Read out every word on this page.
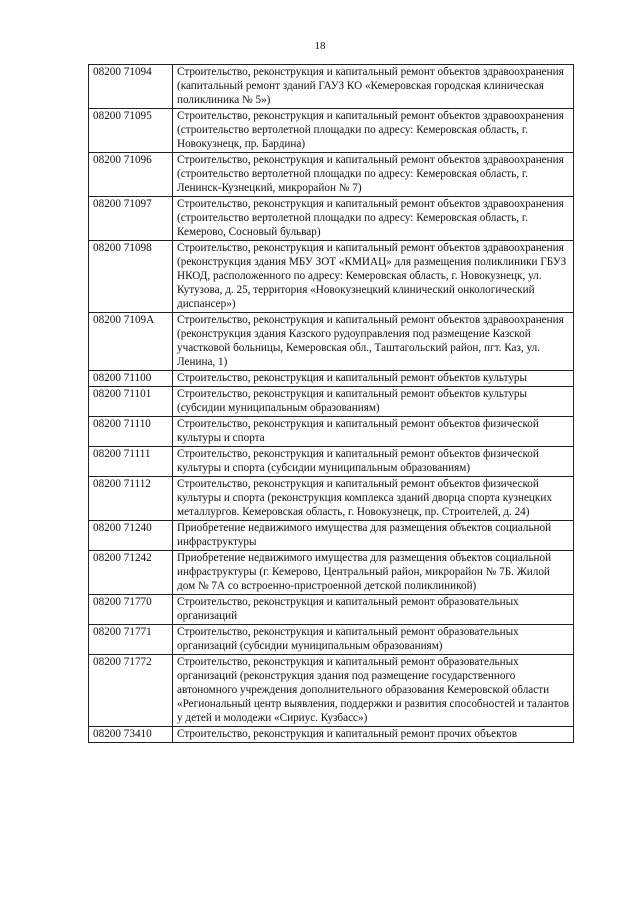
18
08200 71094	Строительство, реконструкция и капитальный ремонт объектов здравоохранения (капитальный ремонт зданий ГАУЗ КО «Кемеровская городская клиническая поликлиника № 5»)
08200 71095	Строительство, реконструкция и капитальный ремонт объектов здравоохранения (строительство вертолетной площадки по адресу: Кемеровская область, г. Новокузнецк, пр. Бардина)
08200 71096	Строительство, реконструкция и капитальный ремонт объектов здравоохранения (строительство вертолетной площадки по адресу: Кемеровская область, г. Ленинск-Кузнецкий, микрорайон № 7)
08200 71097	Строительство, реконструкция и капитальный ремонт объектов здравоохранения (строительство вертолетной площадки по адресу: Кемеровская область, г. Кемерово, Сосновый бульвар)
08200 71098	Строительство, реконструкция и капитальный ремонт объектов здравоохранения (реконструкция здания МБУ ЗОТ «КМИАЦ» для размещения поликлиники ГБУЗ НКОД, расположенного по адресу: Кемеровская область, г. Новокузнецк, ул. Кутузова, д. 25, территория «Новокузнецкий клинический онкологический диспансер»)
08200 7109А	Строительство, реконструкция и капитальный ремонт объектов здравоохранения (реконструкция здания Казского рудоуправления под размещение Казской участковой больницы, Кемеровская обл., Таштагольский район, пгт. Каз, ул. Ленина, 1)
08200 71100	Строительство, реконструкция и капитальный ремонт объектов культуры
08200 71101	Строительство, реконструкция и капитальный ремонт объектов культуры (субсидии муниципальным образованиям)
08200 71110	Строительство, реконструкция и капитальный ремонт объектов физической культуры и спорта
08200 71111	Строительство, реконструкция и капитальный ремонт объектов физической культуры и спорта (субсидии муниципальным образованиям)
08200 71112	Строительство, реконструкция и капитальный ремонт объектов физической культуры и спорта (реконструкция комплекса зданий дворца спорта кузнецких металлургов. Кемеровская область, г. Новокузнецк, пр. Строителей, д. 24)
08200 71240	Приобретение недвижимого имущества для размещения объектов социальной инфраструктуры
08200 71242	Приобретение недвижимого имущества для размещения объектов социальной инфраструктуры (г. Кемерово, Центральный район, микрорайон № 7Б. Жилой дом № 7А со встроенно-пристроенной детской поликлиникой)
08200 71770	Строительство, реконструкция и капитальный ремонт образовательных организаций
08200 71771	Строительство, реконструкция и капитальный ремонт образовательных организаций (субсидии муниципальным образованиям)
08200 71772	Строительство, реконструкция и капитальный ремонт образовательных организаций (реконструкция здания под размещение государственного автономного учреждения дополнительного образования Кемеровской области «Региональный центр выявления, поддержки и развития способностей и талантов у детей и молодежи «Сириус. Кузбасс»)
08200 73410	Строительство, реконструкция и капитальный ремонт прочих объектов
